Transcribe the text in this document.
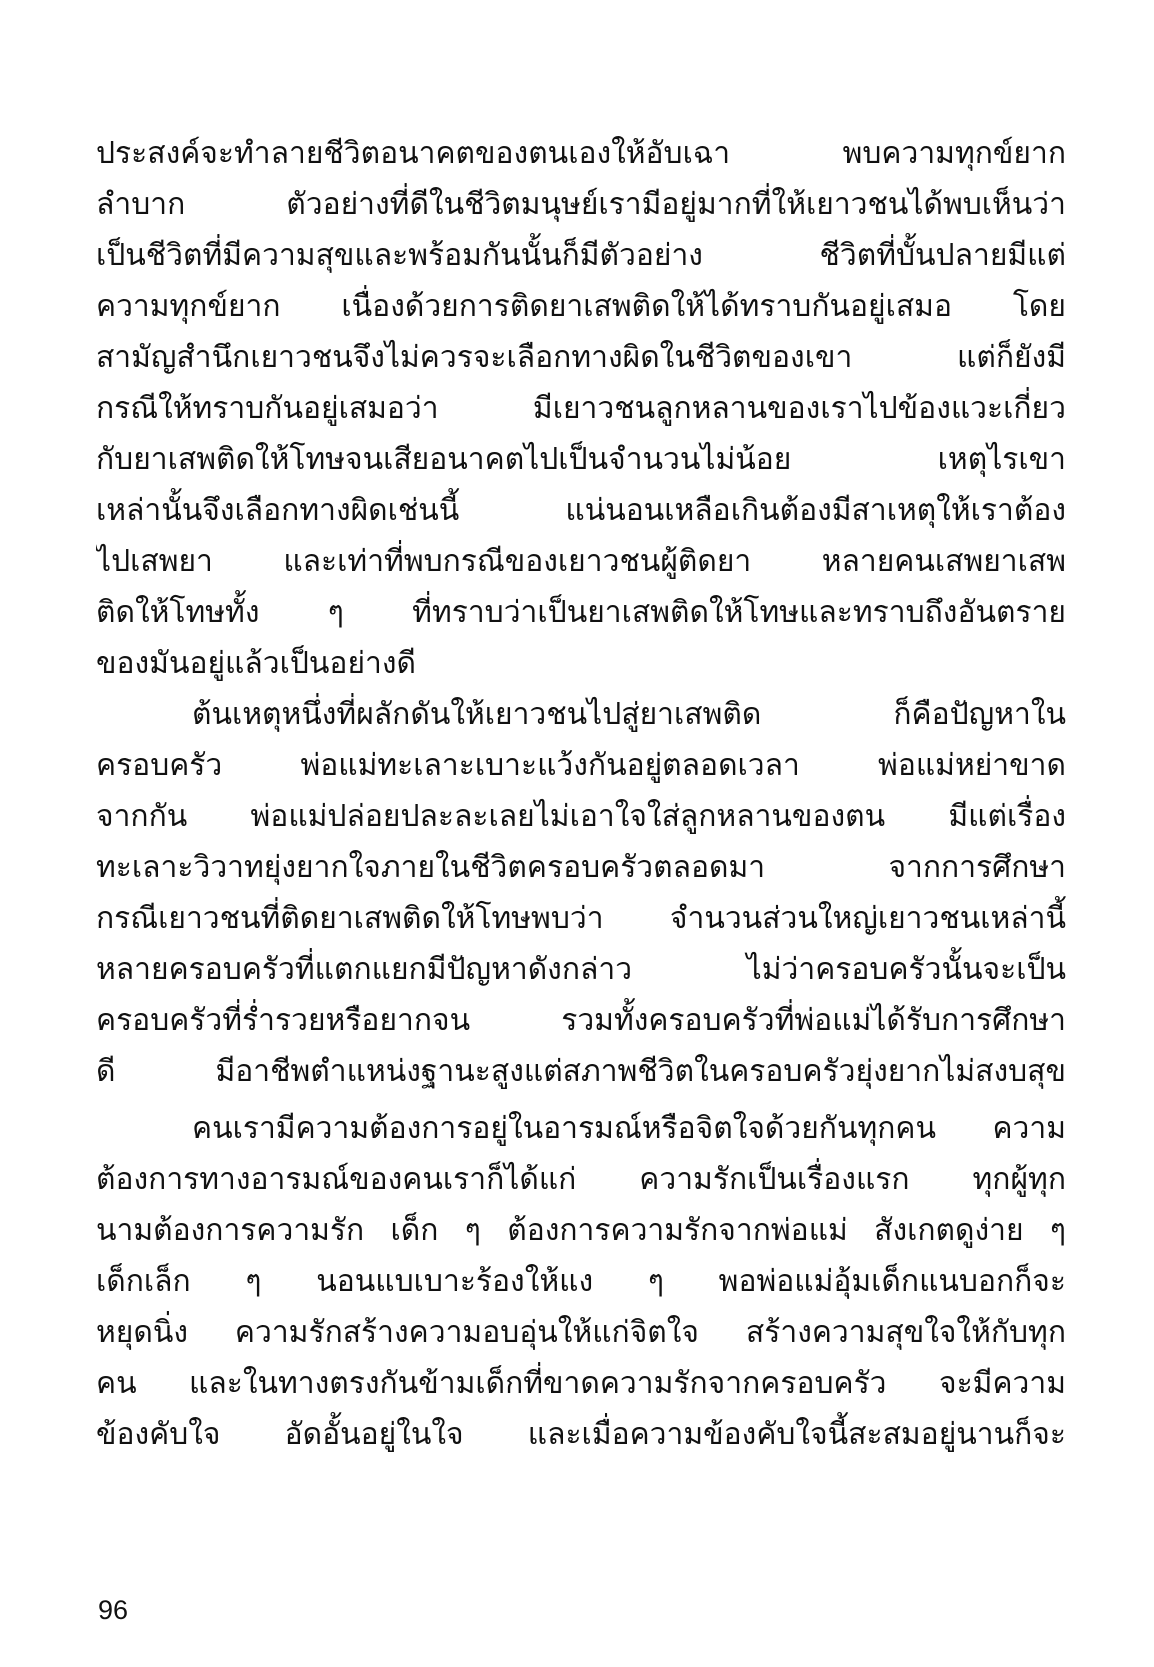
ประสงค์จะทำลายชีวิตอนาคตของตนเองให้อับเฉา พบความทุกข์ยาก
ลำบาก ตัวอย่างที่ดีในชีวิตมนุษย์เรามีอยู่มากที่ให้เยาวชนได้พบเห็นว่า
เป็นชีวิตที่มีความสุขและพร้อมกันนั้นก็มีตัวอย่าง ชีวิตที่บั้นปลายมีแต่
ความทุกข์ยาก เนื่องด้วยการติดยาเสพติดให้ได้ทราบกันอยู่เสมอ โดย
สามัญสำนึกเยาวชนจึงไม่ควรจะเลือกทางผิดในชีวิตของเขา แต่ก็ยังมี
กรณีให้ทราบกันอยู่เสมอว่า มีเยาวชนลูกหลานของเราไปข้องแวะเกี่ยว
กับยาเสพติดให้โทษจนเสียอนาคตไปเป็นจำนวนไม่น้อย เหตุไรเขา
เหล่านั้นจึงเลือกทางผิดเช่นนี้ แน่นอนเหลือเกินต้องมีสาเหตุให้เราต้อง
ไปเสพยา และเท่าที่พบกรณีของเยาวชนผู้ติดยา หลายคนเสพยาเสพ
ติดให้โทษทั้ง ๆ ที่ทราบว่าเป็นยาเสพติดให้โทษและทราบถึงอันตราย
ของมันอยู่แล้วเป็นอย่างดี
ต้นเหตุหนึ่งที่ผลักดันให้เยาวชนไปสู่ยาเสพติด ก็คือปัญหาใน
ครอบครัว พ่อแม่ทะเลาะเบาะแว้งกันอยู่ตลอดเวลา พ่อแม่หย่าขาด
จากกัน พ่อแม่ปล่อยปละละเลยไม่เอาใจใส่ลูกหลานของตน มีแต่เรื่อง
ทะเลาะวิวาทยุ่งยากใจภายในชีวิตครอบครัวตลอดมา จากการศึกษา
กรณีเยาวชนที่ติดยาเสพติดให้โทษพบว่า จำนวนส่วนใหญ่เยาวชนเหล่านี้
หลายครอบครัวที่แตกแยกมีปัญหาดังกล่าว ไม่ว่าครอบครัวนั้นจะเป็น
ครอบครัวที่ร่ำรวยหรือยากจน รวมทั้งครอบครัวที่พ่อแม่ได้รับการศึกษา
ดี มีอาชีพตำแหน่งฐานะสูงแต่สภาพชีวิตในครอบครัวยุ่งยากไม่สงบสุข
คนเรามีความต้องการอยู่ในอารมณ์หรือจิตใจด้วยกันทุกคน ความ
ต้องการทางอารมณ์ของคนเราก็ได้แก่ ความรักเป็นเรื่องแรก ทุกผู้ทุก
นามต้องการความรัก เด็ก ๆ ต้องการความรักจากพ่อแม่ สังเกตดูง่าย ๆ
เด็กเล็ก ๆ นอนแบเบาะร้องให้แง ๆ พอพ่อแม่อุ้มเด็กแนบอกก็จะ
หยุดนิ่ง ความรักสร้างความอบอุ่นให้แก่จิตใจ สร้างความสุขใจให้กับทุก
คน และในทางตรงกันข้ามเด็กที่ขาดความรักจากครอบครัว จะมีความ
ข้องคับใจ อัดอั้นอยู่ในใจ และเมื่อความข้องคับใจนี้สะสมอยู่นานก็จะ
96
